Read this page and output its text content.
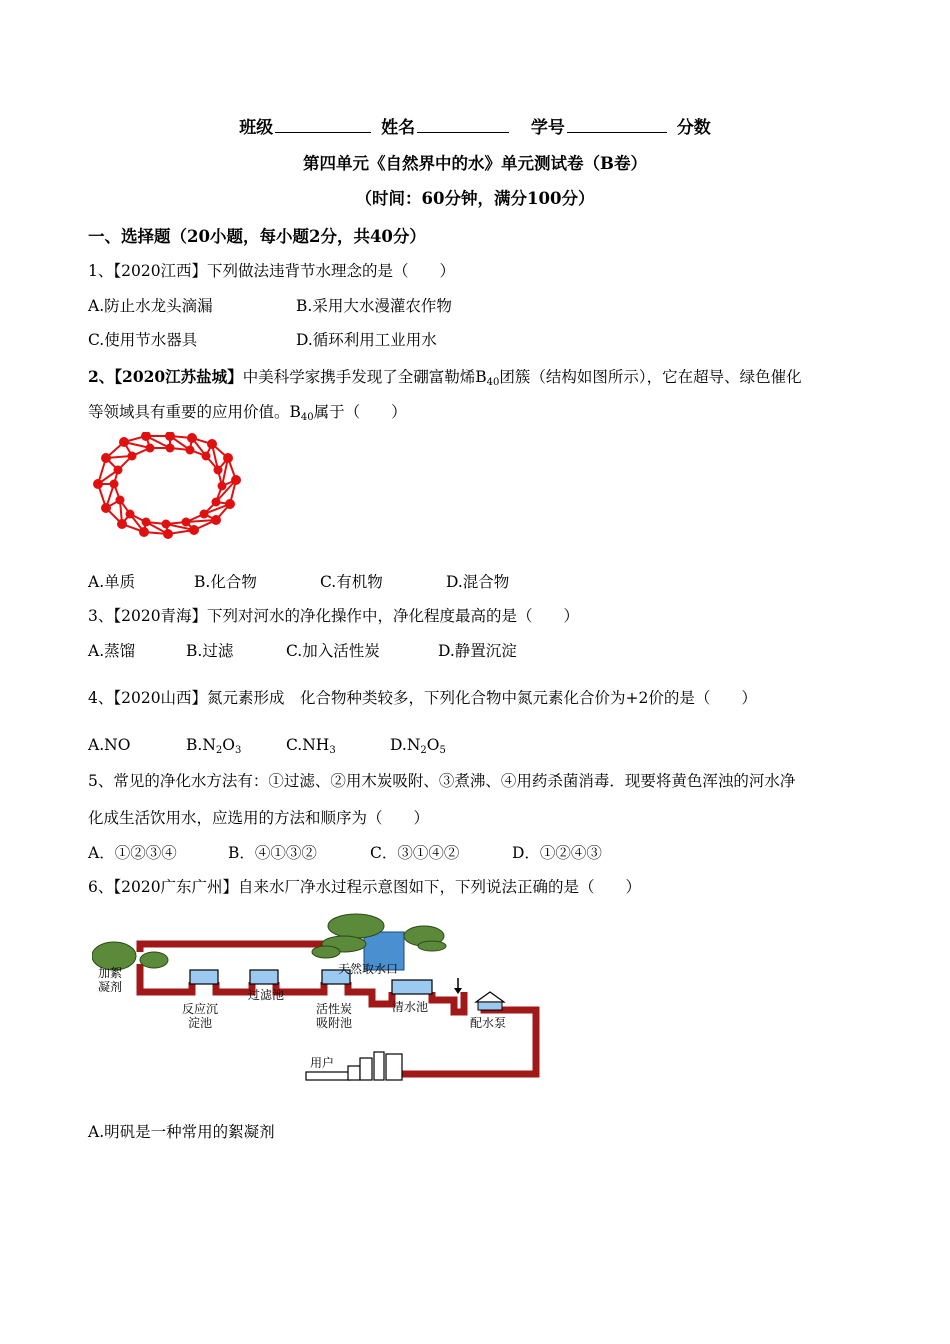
班级	姓名	学号	分数
第四单元《自然界中的水》单元测试卷（B卷）
（时间：60分钟，满分100分）
一、选择题（20小题，每小题2分，共40分）
1、【2020江西】下列做法违背节水理念的是（　　）
A.防止水龙头滴漏	B.采用大水漫灌农作物
C.使用节水器具	D.循环利用工业用水
2、【2020江苏盐城】中美科学家携手发现了全硼富勒烯$B_{40}$团簇（结构如图所示），它在超导、绿色催化
等领域具有重要的应用价值。$B_{40}$属于（　　）
A.单质	B.化合物	C.有机物	D.混合物
3、【2020青海】下列对河水的净化操作中，净化程度最高的是（　　）
A.蒸馏	B.过滤	C.加入活性炭	D.静置沉淀
4、【2020山西】氮元素形成　化合物种类较多，下列化合物中氮元素化合价为+2价的是（　　）
A.NO	$B.N_2O_3$	$C.NH_3$	$D.N_2O_5$
5、常见的净化水方法有：①过滤、②用木炭吸附、③煮沸、④用药杀菌消毒．现要将黄色浑浊的河水净
化成生活饮用水，应选用的方法和顺序为（　　）
A．①②③④	B．④①③②	C．③①④②	D．①②④③
6、【2020广东广州】自来水厂净水过程示意图如下，下列说法正确的是（　　）
天然取水口
加絮
凝剂
反应沉
淀池
过滤池
活性炭
吸附池
清水池
配水泵
用户
A.明矾是一种常用的絮凝剂
